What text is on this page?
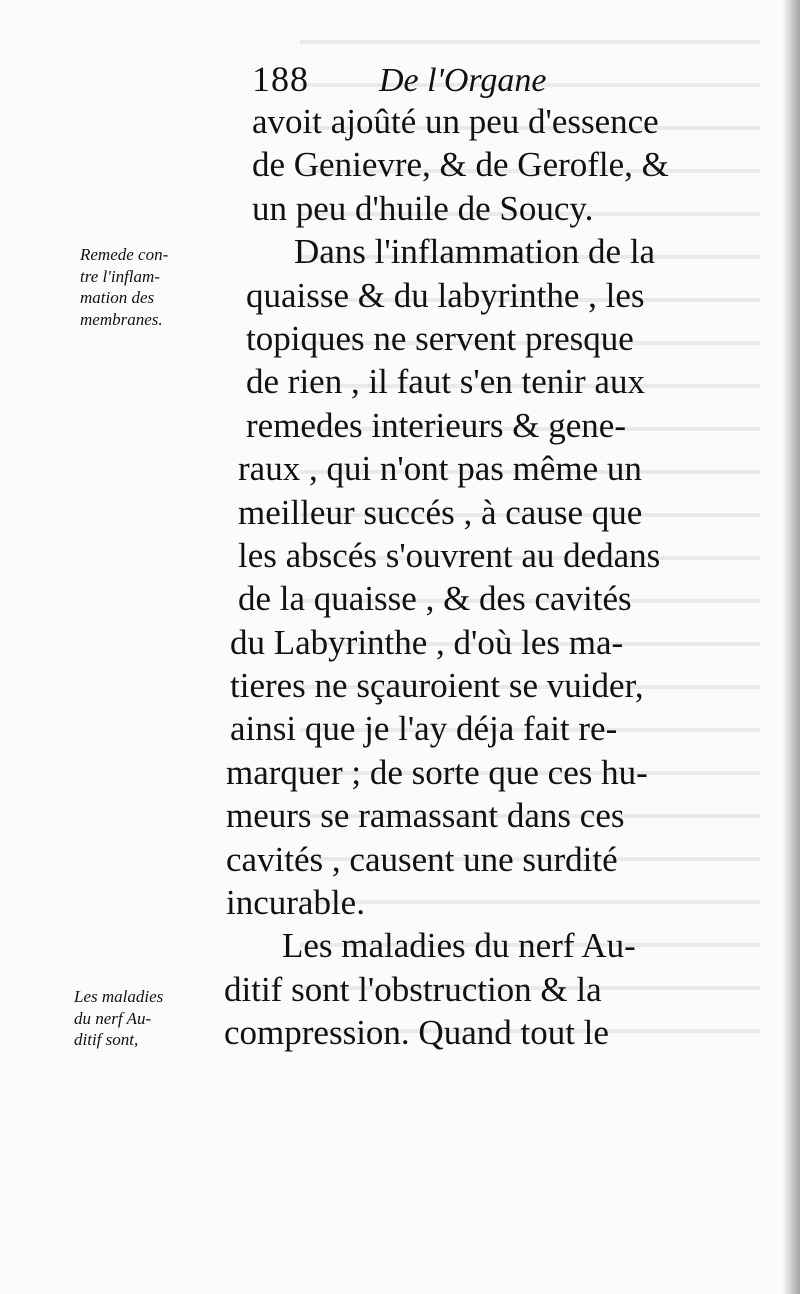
188 De l'Organe
avoit ajoûté un peu d'essence
de Genievre, & de Gerofle, &
un peu d'huile de Soucy.
Dans l'inflammation de la
quaisse & du labyrinthe , les
topiques ne servent presque
de rien , il faut s'en tenir aux
remedes interieurs & gene-
raux , qui n'ont pas même un
meilleur succés , à cause que
les abscés s'ouvrent au dedans
de la quaisse , & des cavités
du Labyrinthe , d'où les ma-
tieres ne sçauroient se vuider,
ainsi que je l'ay déja fait re-
marquer ; de sorte que ces hu-
meurs se ramassant dans ces
cavités , causent une surdité
incurable.
Les maladies du nerf Au-
ditif sont l'obstruction & la
compression. Quand tout le
Remede con-
tre l'inflam-
mation des
membranes.
Les maladies
du nerf Au-
ditif sont,
